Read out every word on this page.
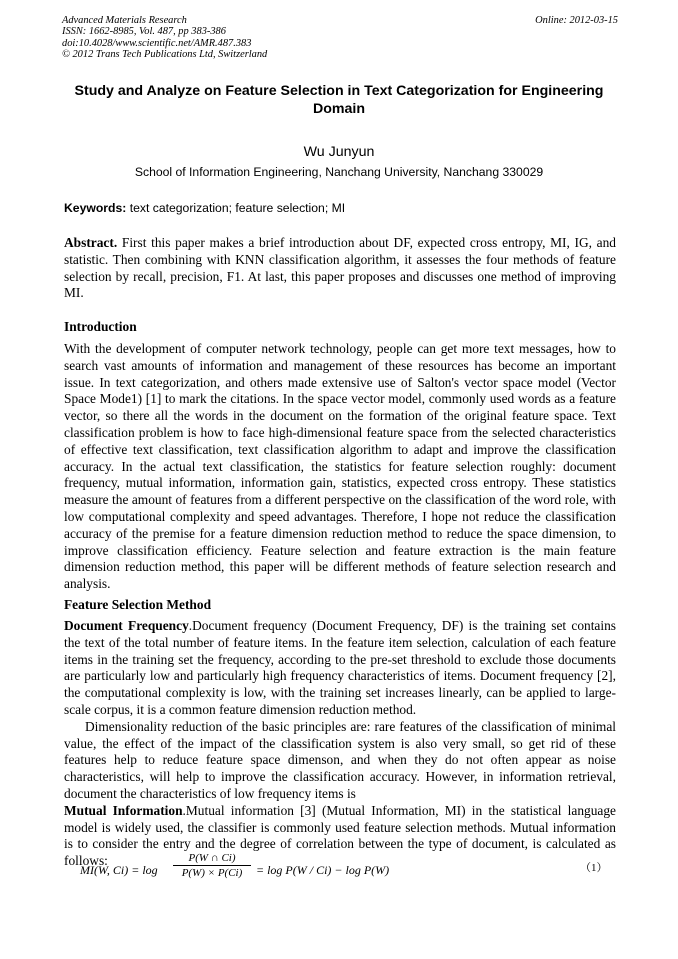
Advanced Materials Research
ISSN: 1662-8985, Vol. 487, pp 383-386
doi:10.4028/www.scientific.net/AMR.487.383
© 2012 Trans Tech Publications Ltd, Switzerland
Online: 2012-03-15
Study and Analyze on Feature Selection in Text Categorization for Engineering Domain
Wu Junyun
School of Information Engineering, Nanchang University, Nanchang 330029
Keywords: text categorization; feature selection; MI
Abstract. First this paper makes a brief introduction about DF, expected cross entropy, MI, IG, and statistic. Then combining with KNN classification algorithm, it assesses the four methods of feature selection by recall, precision, F1. At last, this paper proposes and discusses one method of improving MI.
Introduction
With the development of computer network technology, people can get more text messages, how to search vast amounts of information and management of these resources has become an important issue. In text categorization, and others made extensive use of Salton's vector space model (Vector Space Mode1) [1] to mark the citations. In the space vector model, commonly used words as a feature vector, so there all the words in the document on the formation of the original feature space. Text classification problem is how to face high-dimensional feature space from the selected characteristics of effective text classification, text classification algorithm to adapt and improve the classification accuracy. In the actual text classification, the statistics for feature selection roughly: document frequency, mutual information, information gain, statistics, expected cross entropy. These statistics measure the amount of features from a different perspective on the classification of the word role, with low computational complexity and speed advantages. Therefore, I hope not reduce the classification accuracy of the premise for a feature dimension reduction method to reduce the space dimension, to improve classification efficiency. Feature selection and feature extraction is the main feature dimension reduction method, this paper will be different methods of feature selection research and analysis.
Feature Selection Method
Document Frequency.Document frequency (Document Frequency, DF) is the training set contains the text of the total number of feature items. In the feature item selection, calculation of each feature items in the training set the frequency, according to the pre-set threshold to exclude those documents are particularly low and particularly high frequency characteristics of items. Document frequency [2], the computational complexity is low, with the training set increases linearly, can be applied to large-scale corpus, it is a common feature dimension reduction method.
Dimensionality reduction of the basic principles are: rare features of the classification of minimal value, the effect of the impact of the classification system is also very small, so get rid of these features help to reduce feature space dimenson, and when they do not often appear as noise characteristics, will help to improve the classification accuracy. However, in information retrieval, document the characteristics of low frequency items is
Mutual Information.Mutual information [3] (Mutual Information, MI) in the statistical language model is widely used, the classifier is commonly used feature selection methods. Mutual information is to consider the entry and the degree of correlation between the type of document, is calculated as follows:
MI(W, Ci) = log
P(W ∩ Ci)
P(W) × P(Ci)	= log P(W / Ci) − log P(W)	（1）
